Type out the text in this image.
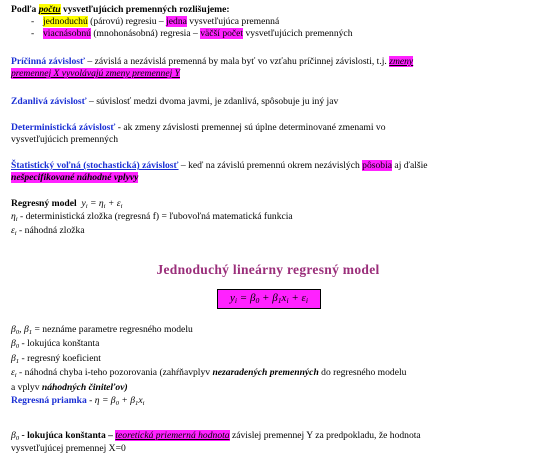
Podľa počtu vysvetľujúcich premenných rozlišujeme:
- jednoduchú (párovú) regresiu – jedna vysvetľujúca premenná
- viacnásobnú (mnohonásobná) regresia – väčší počet vysvetľujúcich premenných
Príčinná závislosť – závislá a nezávislá premenná by mala byť vo vzťahu príčinnej závislosti, t.j. zmeny
premennej X vyvolávajú zmeny premennej Y
Zdanlivá závislosť – súvislosť medzi dvoma javmi, je zdanlivá, spôsobuje ju iný jav
Deterministická závislosť - ak zmeny závislosti premennej sú úplne determinované zmenami vo
vysvetľujúcich premenných
Štatistický voľná (stochastická) závislosť – keď na závislú premennú okrem nezávislých pôsobia aj ďalšie
nešpecifikované náhodné vplyvy
Regresný model  $y_i = \eta_i + \varepsilon_i$
$\eta_i$ - deterministická zložka (regresná f) = ľubovoľná matematická funkcia
$\varepsilon_i$ - náhodná zložka
Jednoduchý lineárny regresný model
$y_i = \beta_0 + \beta_1x_i + \varepsilon_i$
$\beta_0$, $\beta_1$ = neznáme parametre regresného modelu
$\beta_0$ - lokujúca konštanta
$\beta_1$ - regresný koeficient
$\varepsilon_i$ - náhodná chyba i-teho pozorovania (zahŕňavplyv nezaradených premenných do regresného modelu
a vplyv náhodných činiteľov)
Regresná priamka - $\eta = \beta_0 + \beta_1x_i$
$\beta_0$ - lokujúca konštanta – teoretická priemerná hodnota závislej premennej Y za predpokladu, že hodnota
vysvetľujúcej premennej X=0
